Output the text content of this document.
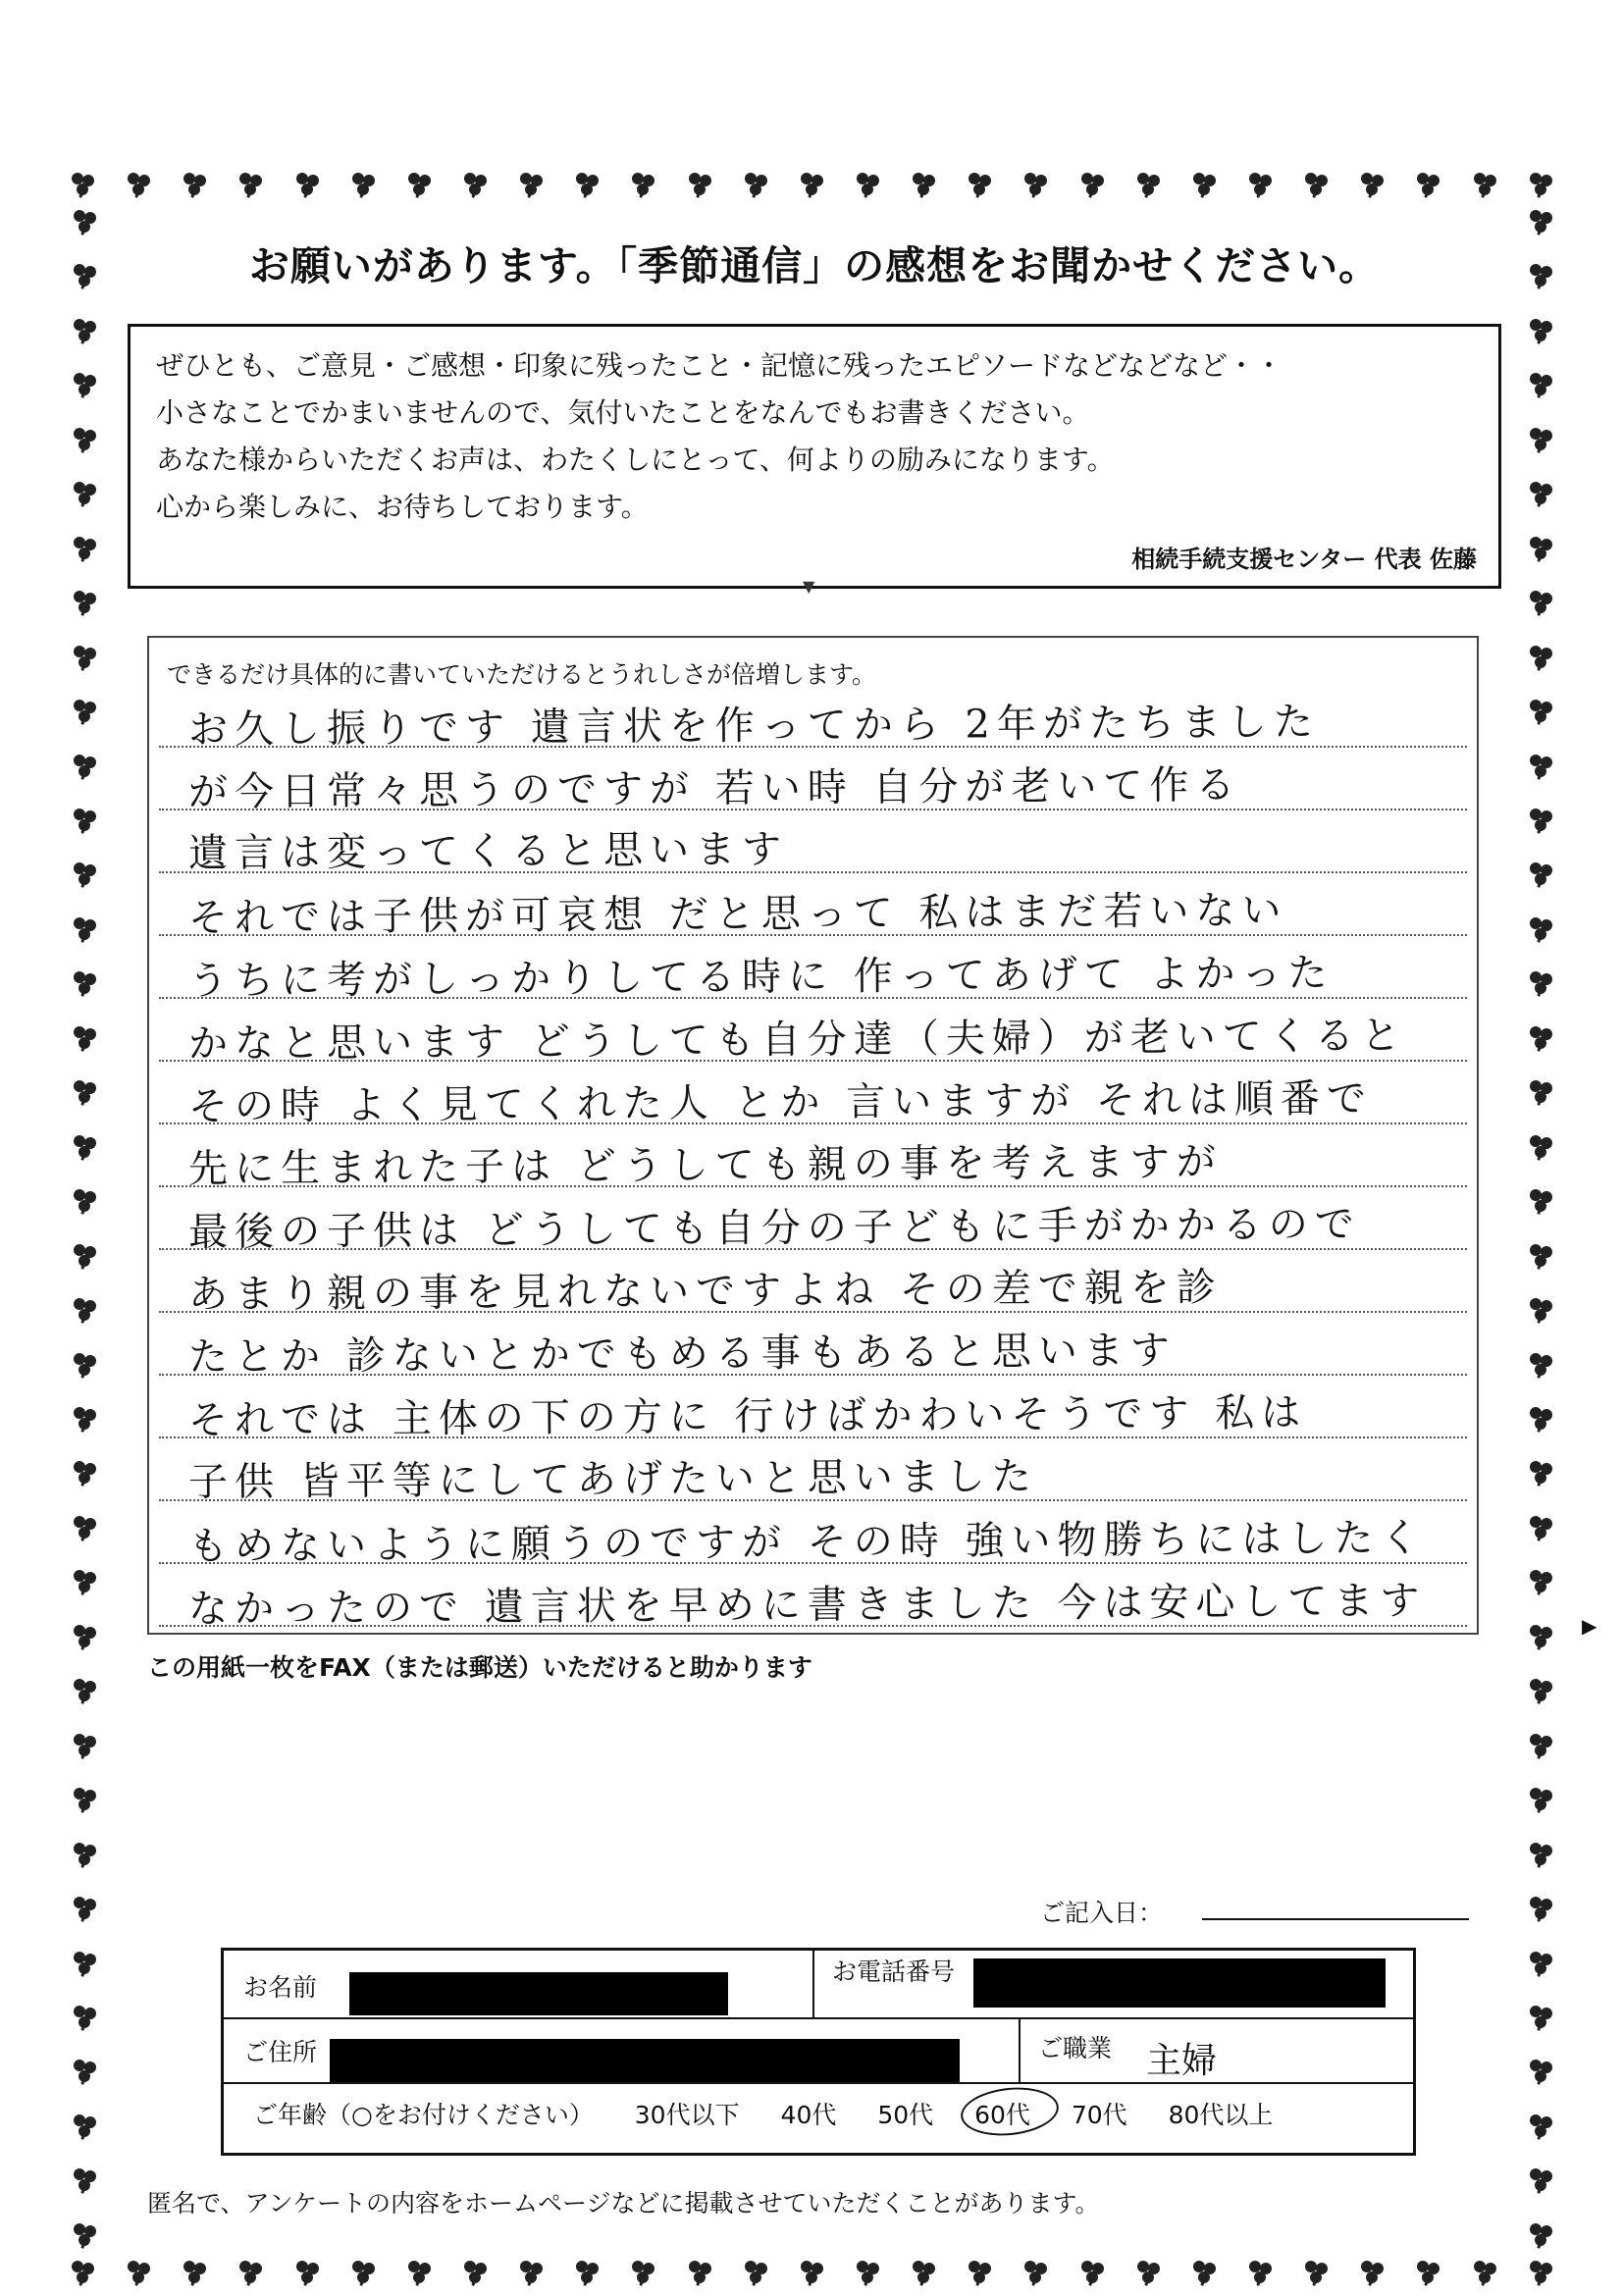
お願いがあります。「季節通信」の感想をお聞かせください。
ぜひとも、ご意見・ご感想・印象に残ったこと・記憶に残ったエピソードなどなどなど・・
小さなことでかまいませんので、気付いたことをなんでもお書きください。
あなた様からいただくお声は、わたくしにとって、何よりの励みになります。
心から楽しみに、お待ちしております。
相続手続支援センター 代表 佐藤
▼
できるだけ具体的に書いていただけるとうれしさが倍増します。
お久し振りです 遺言状を作ってから 2年がたちました
が今日常々思うのですが 若い時 自分が老いて作る
遺言は変ってくると思います
それでは子供が可哀想 だと思って 私はまだ若いない
うちに考がしっかりしてる時に 作ってあげて よかった
かなと思います どうしても自分達（夫婦）が老いてくると
その時 よく見てくれた人 とか 言いますが それは順番で
先に生まれた子は どうしても親の事を考えますが
最後の子供は どうしても自分の子どもに手がかかるので
あまり親の事を見れないですよね その差で親を診
たとか 診ないとかでもめる事もあると思います
それでは 主体の下の方に 行けばかわいそうです 私は
子供 皆平等にしてあげたいと思いました
もめないように願うのですが その時 強い物勝ちにはしたく
なかったので 遺言状を早めに書きました 今は安心してます	▶
この用紙一枚をFAX（または郵送）いただけると助かります
ご記入日：
お名前
お電話番号
ご住所	ご職業 主婦
ご年齢（○をお付けください） 30代以下 40代 50代 60代 70代 80代以上
匿名で、アンケートの内容をホームページなどに掲載させていただくことがあります。
